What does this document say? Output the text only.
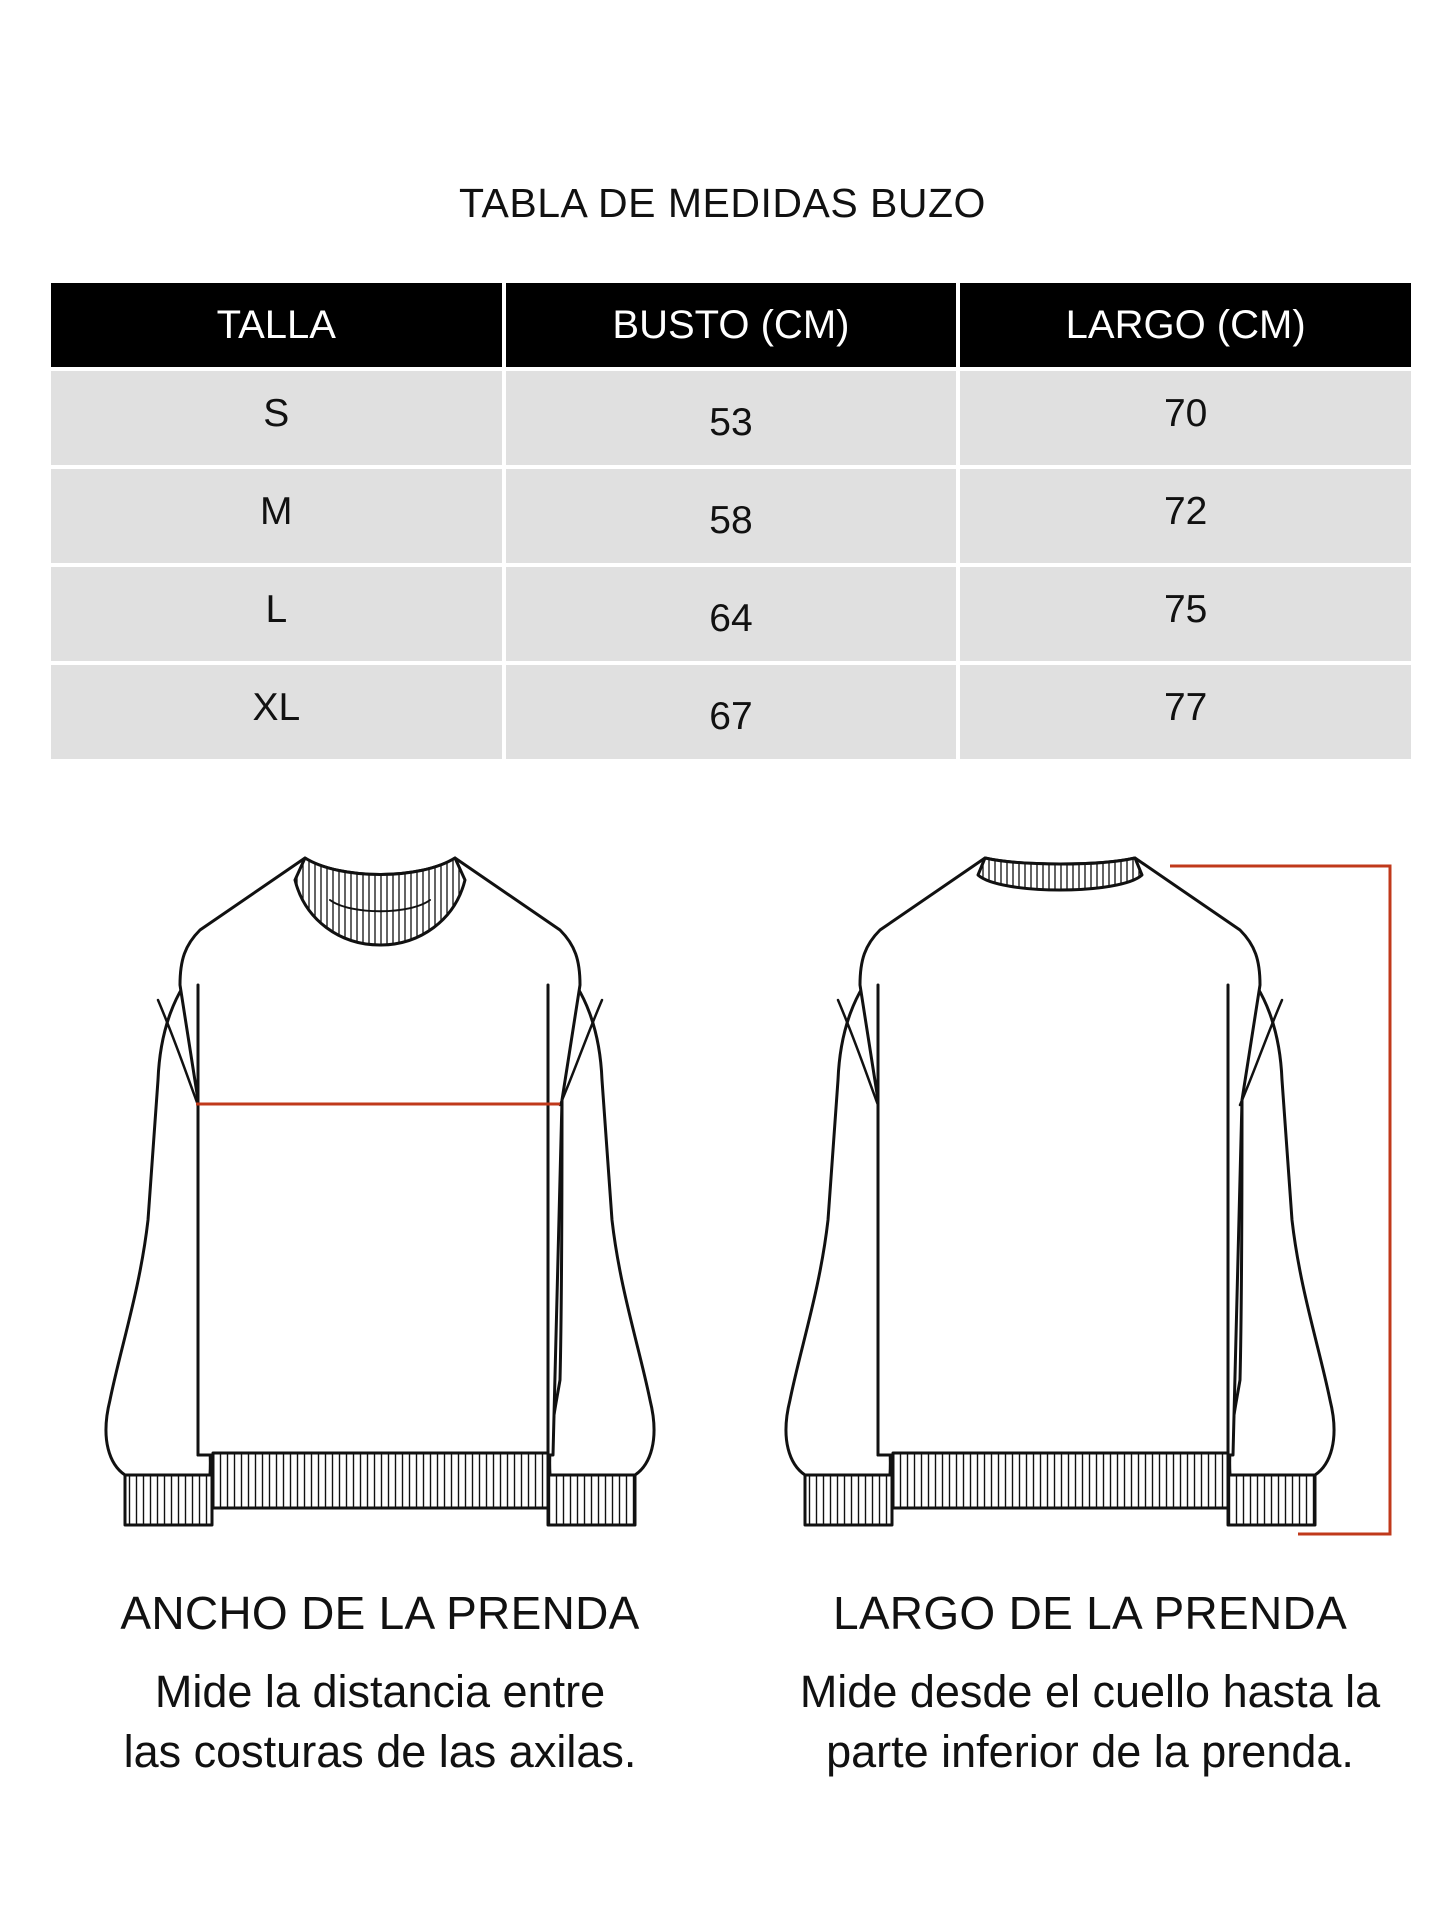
TABLA DE MEDIDAS BUZO
TALLA	BUSTO (CM)	LARGO (CM)
S	53	70
M	58	72
L	64	75
XL	67	77
ANCHO DE LA PRENDA
Mide la distancia entre
las costuras de las axilas.
LARGO DE LA PRENDA
Mide desde el cuello hasta la
parte inferior de la prenda.
